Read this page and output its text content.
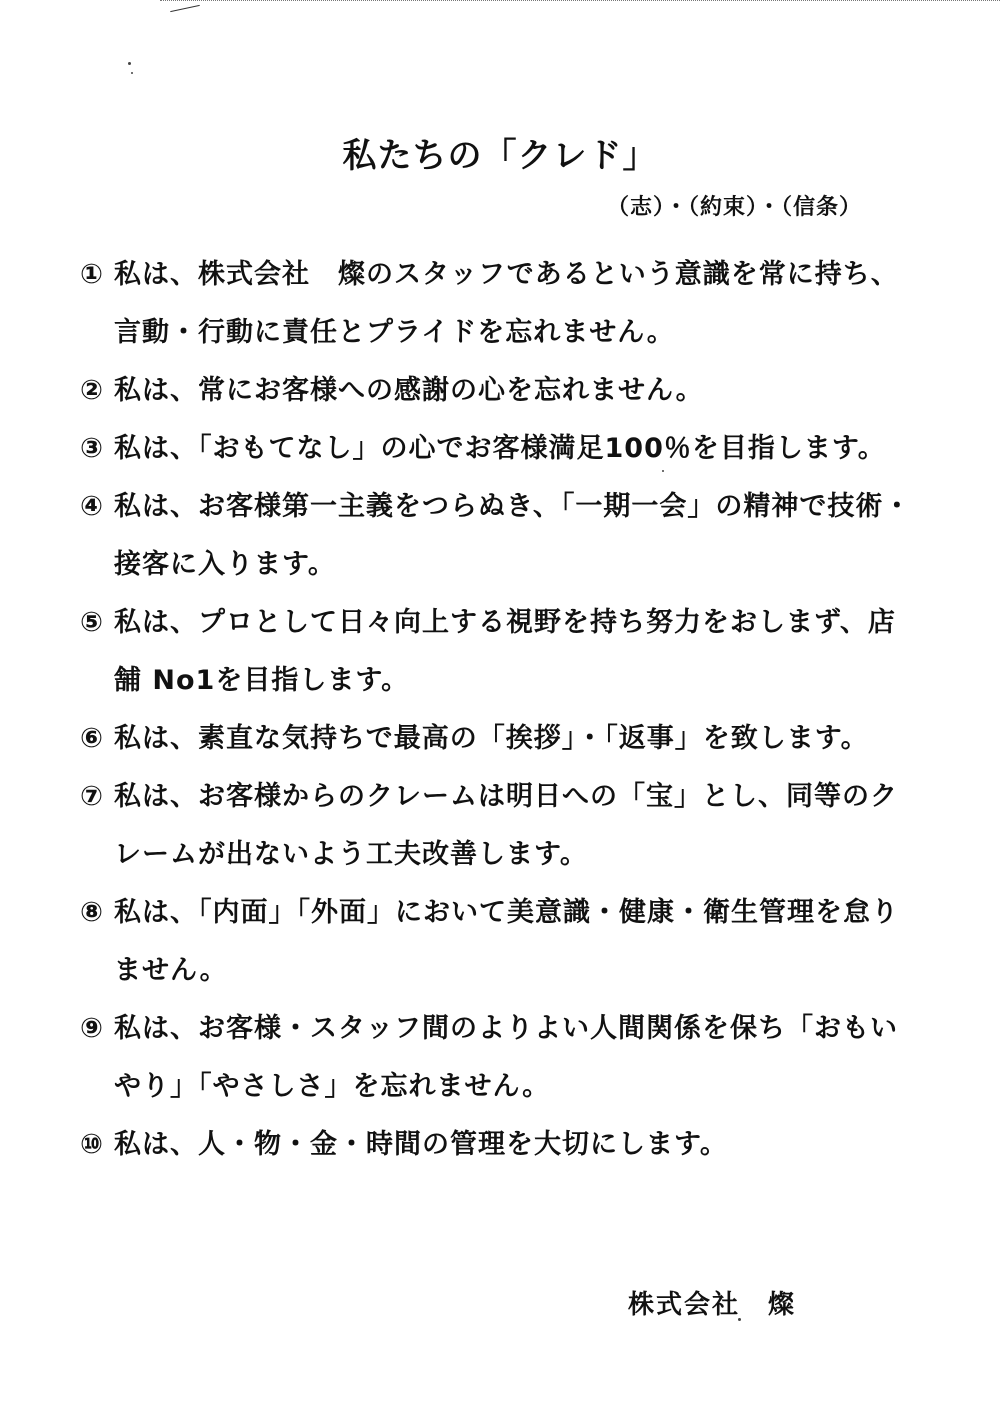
私たちの「クレド」
（志）・（約束）・（信条）
① 私は、株式会社　燦のスタッフであるという意識を常に持ち、言動・行動に責任とプライドを忘れません。
② 私は、常にお客様への感謝の心を忘れません。
③ 私は、「おもてなし」の心でお客様満足100％を目指します。
④ 私は、お客様第一主義をつらぬき、「一期一会」の精神で技術・接客に入ります。
⑤ 私は、プロとして日々向上する視野を持ち努力をおしまず、店舗 No1を目指します。
⑥ 私は、素直な気持ちで最高の「挨拶」・「返事」を致します。
⑦ 私は、お客様からのクレームは明日への「宝」とし、同等のクレームが出ないよう工夫改善します。
⑧ 私は、「内面」「外面」において美意識・健康・衛生管理を怠りません。
⑨ 私は、お客様・スタッフ間のよりよい人間関係を保ち「おもいやり」「やさしさ」を忘れません。
⑩ 私は、人・物・金・時間の管理を大切にします。
株式会社　燦
